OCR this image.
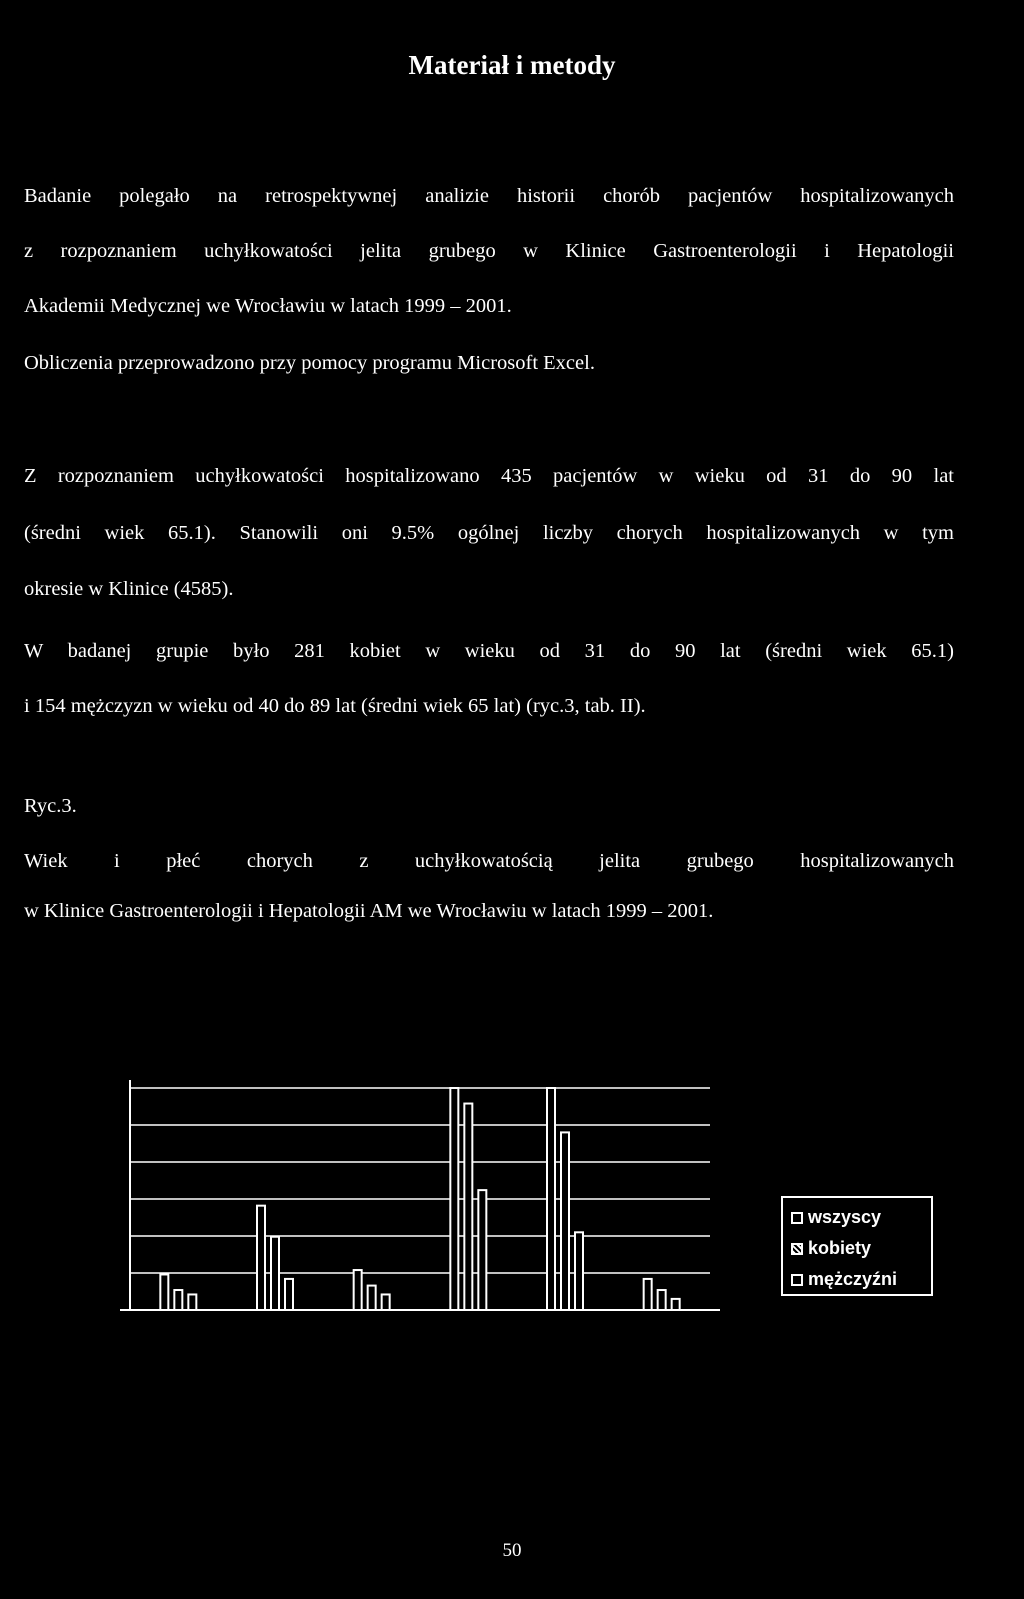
Materiał i metody
Badanie polegało na retrospektywnej analizie historii chorób pacjentów hospitalizowanych
z rozpoznaniem uchyłkowatości jelita grubego w Klinice Gastroenterologii i Hepatologii
Akademii Medycznej we Wrocławiu w latach 1999 – 2001.
Obliczenia przeprowadzono przy pomocy programu Microsoft Excel.
Z rozpoznaniem uchyłkowatości hospitalizowano 435 pacjentów w wieku od 31 do 90 lat
(średni wiek 65.1). Stanowili oni 9.5% ogólnej liczby chorych hospitalizowanych w tym
okresie w Klinice (4585).
W badanej grupie było 281 kobiet w wieku od 31 do 90 lat (średni wiek 65.1)
i 154 mężczyzn w wieku od 40 do 89 lat (średni wiek 65 lat) (ryc.3, tab. II).
Ryc.3.
Wiek i płeć chorych z uchyłkowatością jelita grubego hospitalizowanych
w Klinice Gastroenterologii i Hepatologii AM we Wrocławiu w latach 1999 – 2001.
wszyscy
kobiety
mężczyźni
50
